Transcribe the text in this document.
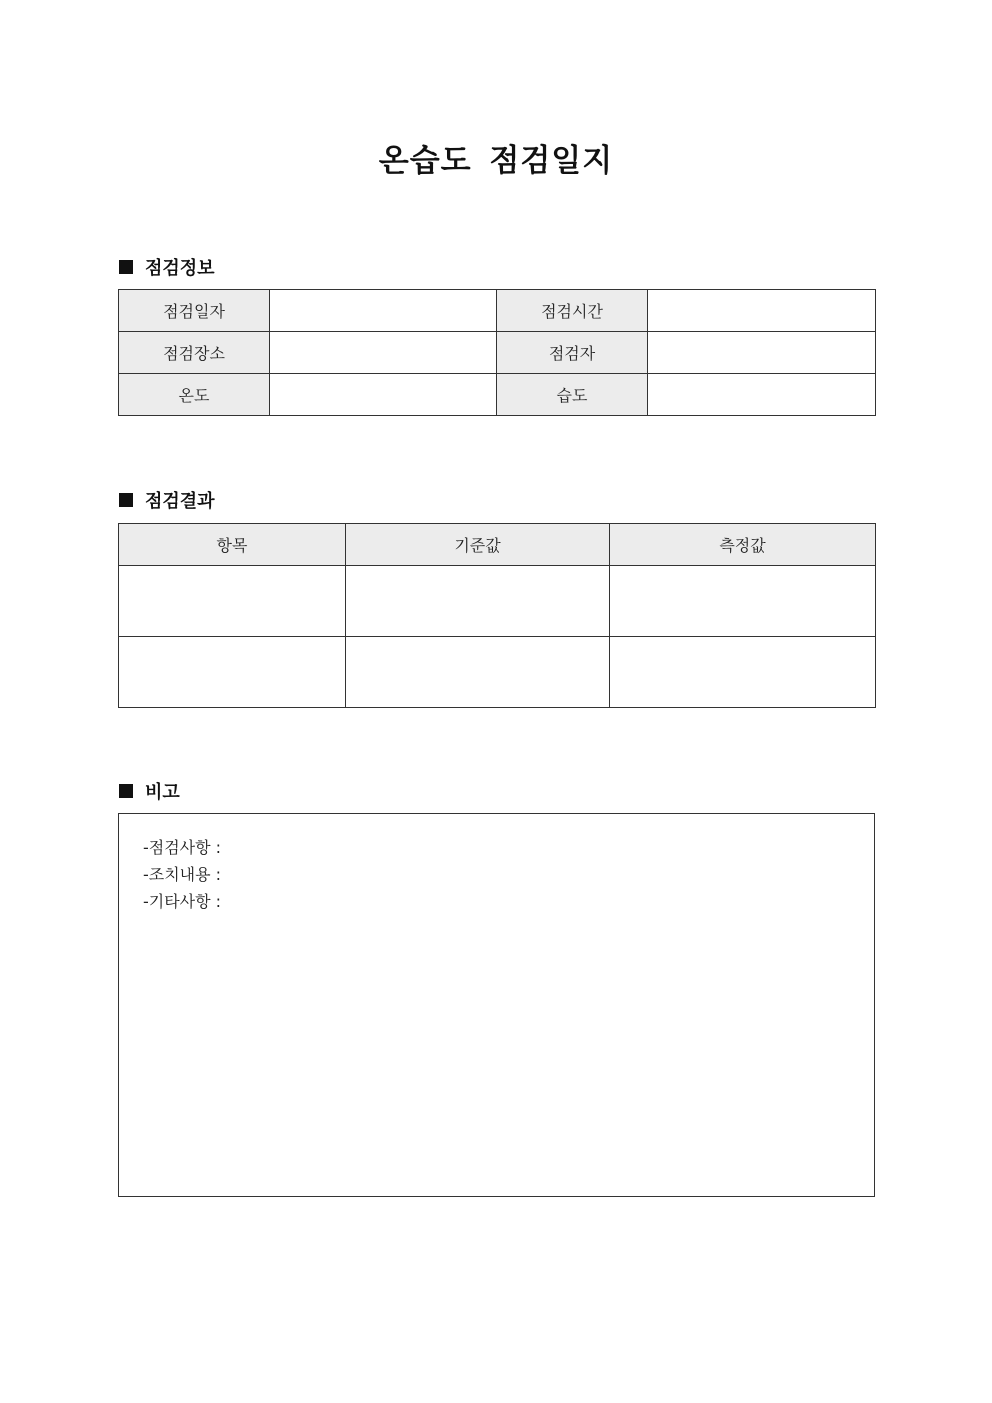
온습도 점검일지
점검정보
점검일자		점검시간	
점검장소		점검자	
온도		습도	
점검결과
항목	기준값	측정값

비고
-점검사항 :
-조치내용 :
-기타사항 :
